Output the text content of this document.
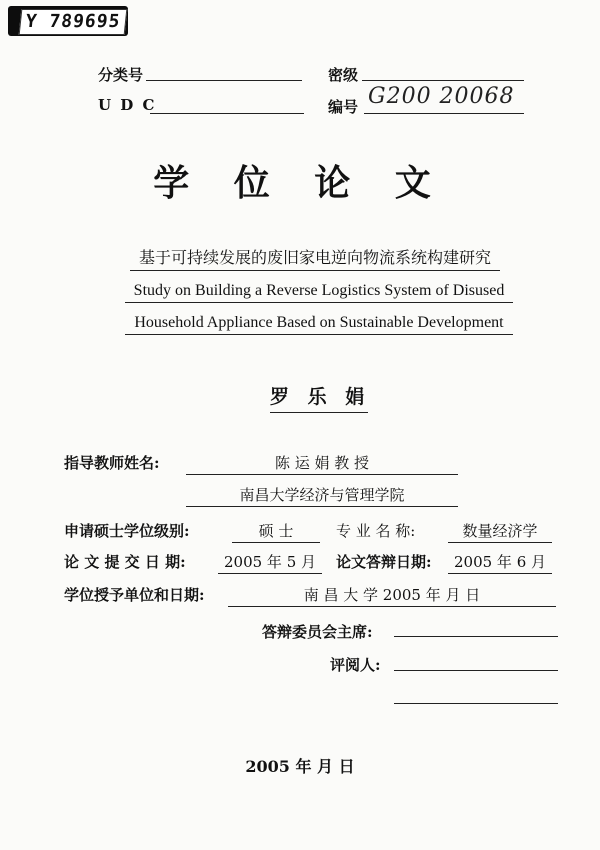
Y 789695
分类号	密级
U D C	编号 G200 20068
学 位 论 文
基于可持续发展的废旧家电逆向物流系统构建研究
Study on Building a Reverse Logistics System of Disused
Household Appliance Based on Sustainable Development
罗 乐 娟
指导教师姓名:	陈 运 娟 教 授
南昌大学经济与管理学院
申请硕士学位级别:	硕 士	专 业 名 称:	数量经济学
论 文 提 交 日 期:	2005 年 5 月	论文答辩日期:	2005 年 6 月
学位授予单位和日期:	南 昌 大 学 2005 年 月 日
答辩委员会主席:
评阅人:
2005 年 月 日
